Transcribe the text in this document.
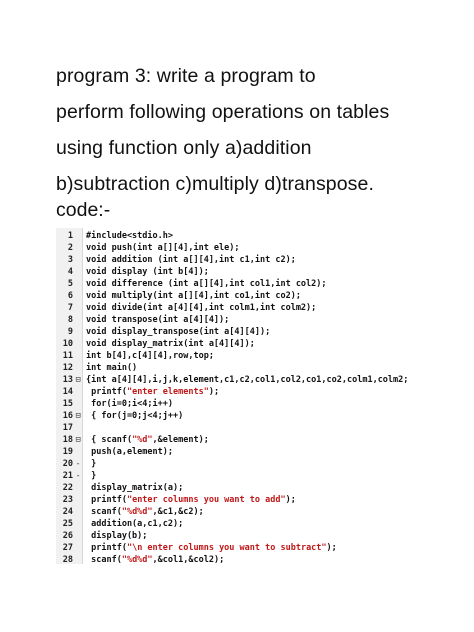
program 3: write a program to
perform following operations on tables
using function only a)addition
b)subtraction c)multiply d)transpose.
code:-
1 #include<stdio.h>
2 void push(int a[][4],int ele);
3 void addition (int a[][4],int c1,int c2);
4 void display (int b[4]);
5 void difference (int a[][4],int col1,int col2);
6 void multiply(int a[][4],int co1,int co2);
7 void divide(int a[4][4],int colm1,int colm2);
8 void transpose(int a[4][4]);
9 void display_transpose(int a[4][4]);
10 void display_matrix(int a[4][4]);
11 int b[4],c[4][4],row,top;
12 int main()
13 ⊟ {int a[4][4],i,j,k,element,c1,c2,col1,col2,co1,co2,colm1,colm2;
14 printf("enter elements");
15 for(i=0;i<4;i++)
16 ⊟ { for(j=0;j<4;j++)
17
18 ⊟ { scanf("%d",&element);
19 push(a,element);
20 - }
21 - }
22 display_matrix(a);
23 printf("enter columns you want to add");
24 scanf("%d%d",&c1,&c2);
25 addition(a,c1,c2);
26 display(b);
27 printf("\n enter columns you want to subtract");
28 scanf("%d%d",&col1,&col2);
